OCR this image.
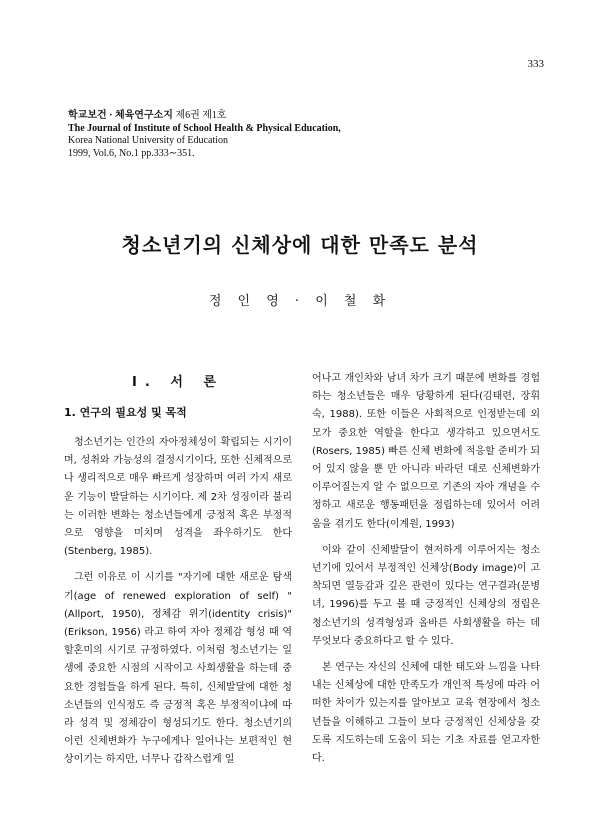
333
학교보건 · 체육연구소지 제6권 제1호
The Journal of Institute of School Health & Physical Education,
Korea National University of Education
1999, Vol.6, No.1 pp.333∼351.
청소년기의 신체상에 대한 만족도 분석
정 인 영 · 이 철 화
Ⅰ. 서 론
1. 연구의 필요성 및 목적

청소년기는 인간의 자아정체성이 확립되는 시기이며, 성취와 가능성의 결정시기이다, 또한 신체적으로나 생리적으로 매우 빠르게 성장하며 여러 가지 새로운 기능이 발달하는 시기이다. 제 2차 성징이라 불리는 이러한 변화는 청소년들에게 긍정적 혹은 부정적으로 영향을 미치며 성격을 좌우하기도 한다(Stenberg, 1985).

그런 이유로 이 시기를 "자기에 대한 새로운 탐색기(age of renewed exploration of self) "(Allport, 1950), 정체감 위기(identity crisis)"(Erikson, 1956) 라고 하여 자아 정체감 형성 때 역할혼미의 시기로 규정하였다. 이처럼 청소년기는 일생에 중요한 시점의 시작이고 사회생활을 하는데 중요한 경험들을 하게 된다. 특히, 신체발달에 대한 청소년들의 인식정도 즉 긍정적 혹은 부정적이냐에 따라 성격 및 정체감이 형성되기도 한다. 청소년기의 이런 신체변화가 누구에게나 일어나는 보편적인 현상이기는 하지만, 너무나 갑작스럽게 일

어나고 개인차와 남녀 차가 크기 때문에 변화를 경험하는 청소년들은 매우 당황하게 된다(김태련, 장휘숙, 1988). 또한 이들은 사회적으로 인정받는데 외모가 중요한 역할을 한다고 생각하고 있으면서도 (Rosers, 1985) 빠른 신체 변화에 적응할 준비가 되어 있지 않을 뿐 만 아니라 바라던 대로 신체변화가 이루어질는지 알 수 없으므로 기존의 자아 개념을 수정하고 새로운 행동패턴을 정립하는데 있어서 어려움을 겪기도 한다(이계원, 1993)

이와 같이 신체발달이 현저하게 이루어지는 청소년기에 있어서 부정적인 신체상(Body image)이 고착되면 열등감과 깊은 관련이 있다는 연구결과(문병녀, 1996)를 두고 볼 때 긍정적인 신체상의 정립은 청소년기의 성격형성과 올바른 사회생활을 하는 데 무엇보다 중요하다고 할 수 있다.

본 연구는 자신의 신체에 대한 태도와 느낌을 나타내는 신체상에 대한 만족도가 개인적 특성에 따라 어떠한 차이가 있는지를 알아보고 교육 현장에서 청소년들을 이해하고 그들이 보다 긍정적인 신체상을 갖도록 지도하는데 도움이 되는 기초 자료를 얻고자한다.
